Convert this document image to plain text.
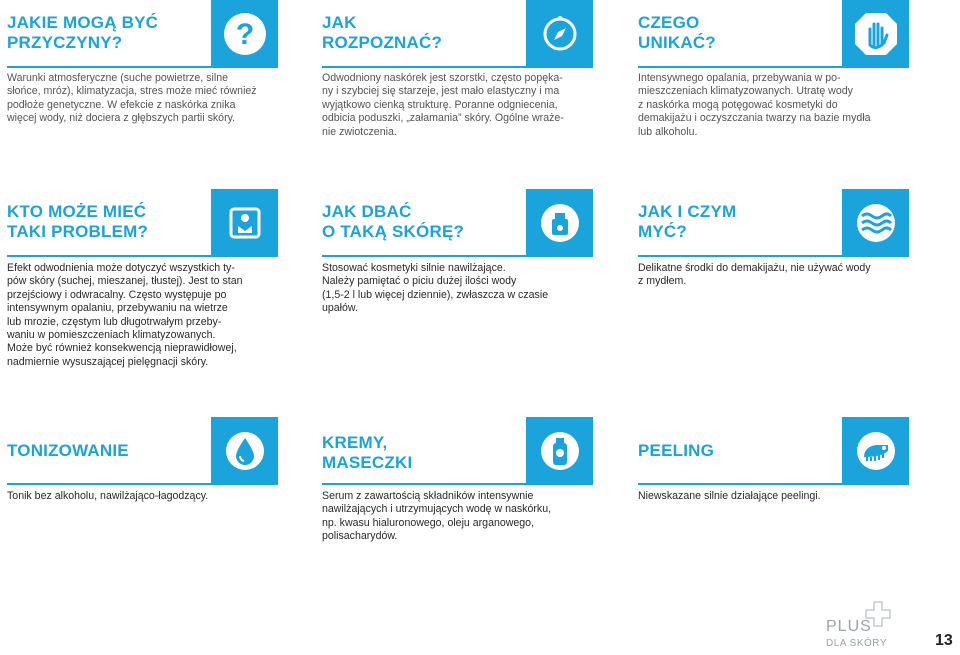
JAKIE MOGĄ BYĆ
PRZYCZYNY?	?
Warunki atmosferyczne (suche powietrze, silne
słońce, mróz), klimatyzacja, stres może mieć również
podłoże genetyczne. W efekcie z naskórka znika
więcej wody, niż dociera z głębszych partii skóry.
JAK
ROZPOZNAĆ?
Odwodniony naskórek jest szorstki, często popęka-
ny i szybciej się starzeje, jest mało elastyczny i ma
wyjątkowo cienką strukturę. Poranne odgniecenia,
odbicia poduszki, „załamania” skóry. Ogólne wraże-
nie zwiotczenia.
CZEGO
UNIKAĆ?
Intensywnego opalania, przebywania w po-
mieszczeniach klimatyzowanych. Utratę wody
z naskórka mogą potęgować kosmetyki do
demakijażu i oczyszczania twarzy na bazie mydła
lub alkoholu.
KTO MOŻE MIEĆ
TAKI PROBLEM?
Efekt odwodnienia może dotyczyć wszystkich ty-
pów skóry (suchej, mieszanej, tłustej). Jest to stan
przejściowy i odwracalny. Często występuje po
intensywnym opalaniu, przebywaniu na wietrze
lub mrozie, częstym lub długotrwałym przeby-
waniu w pomieszczeniach klimatyzowanych.
Może być również konsekwencją nieprawidłowej,
nadmiernie wysuszającej pielęgnacji skóry.
JAK DBAĆ
O TAKĄ SKÓRĘ?
Stosować kosmetyki silnie nawilżające.
Należy pamiętać o piciu dużej ilości wody
(1,5-2 l lub więcej dziennie), zwłaszcza w czasie
upałów.
JAK I CZYM
MYĆ?
Delikatne środki do demakijażu, nie używać wody
z mydłem.
TONIZOWANIE
Tonik bez alkoholu, nawilżająco-łagodzący.
KREMY,
MASECZKI
Serum z zawartością składników intensywnie
nawilżających i utrzymujących wodę w naskórku,
np. kwasu hialuronowego, oleju arganowego,
polisacharydów.
PEELING
Niewskazane silnie działające peelingi.
PLUS
DLA SKÓRY	13
